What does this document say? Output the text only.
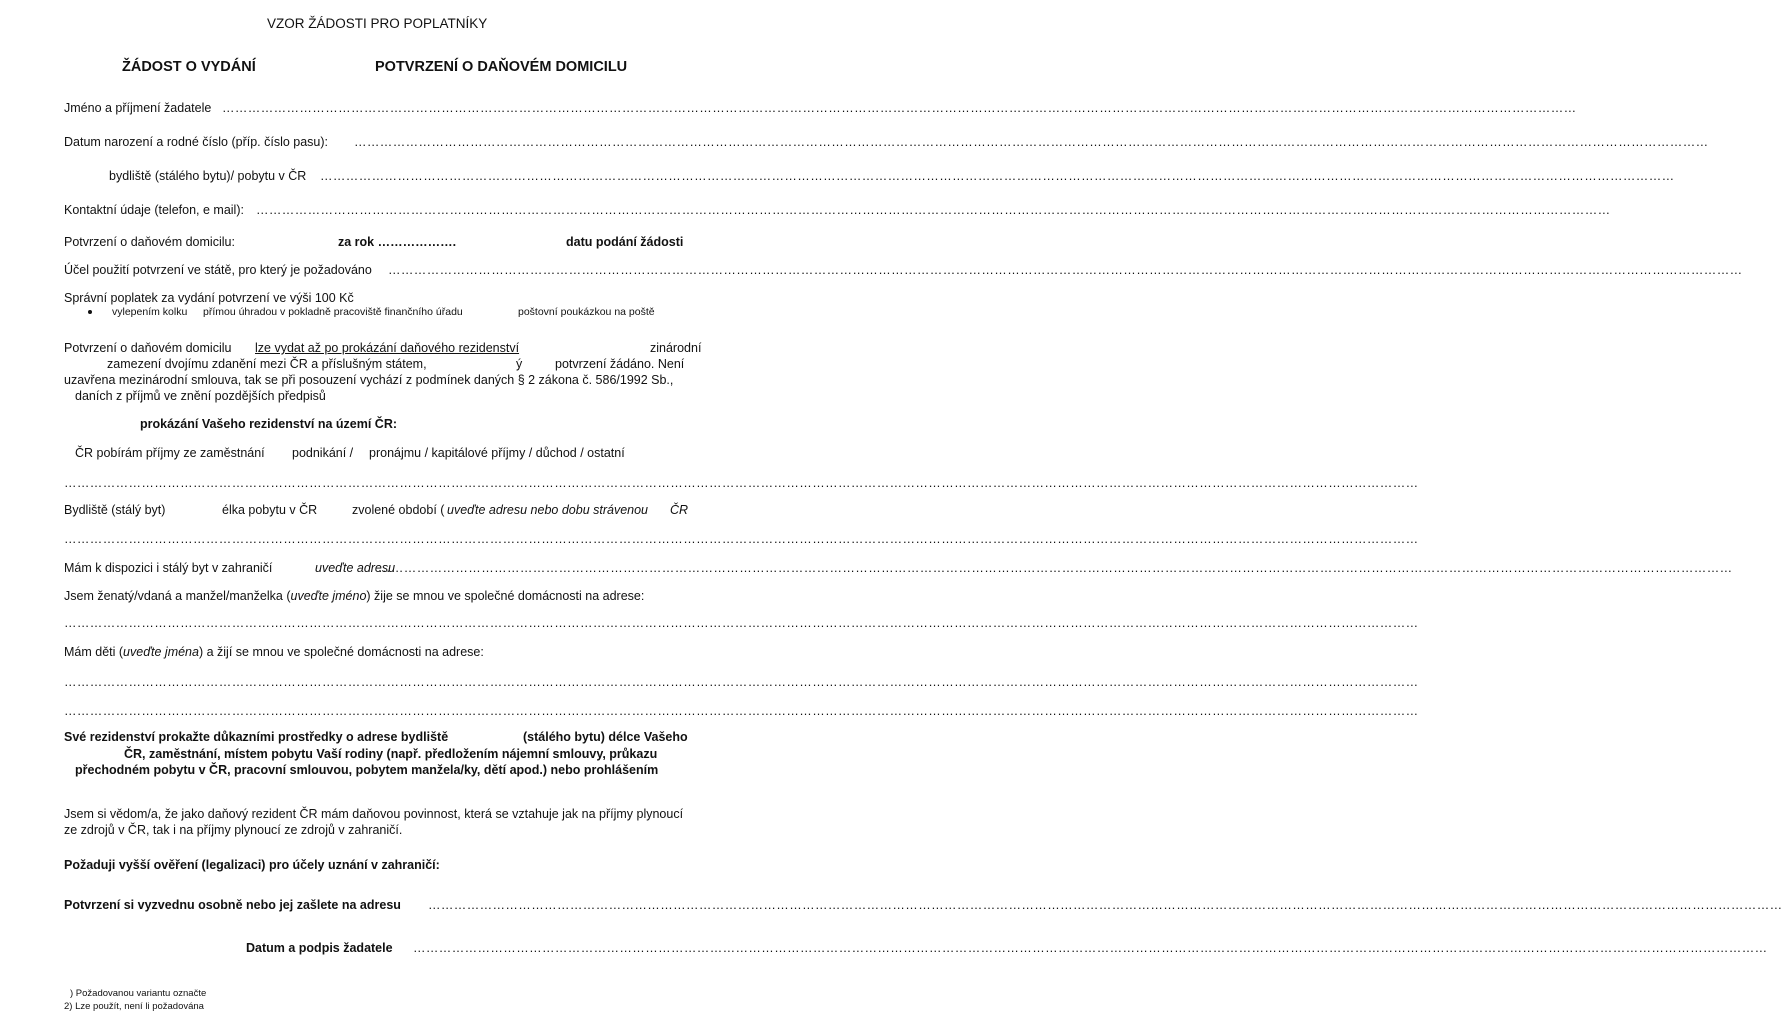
VZOR ŽÁDOSTI PRO POPLATNÍKY
ŽÁDOST O VYDÁNÍ	POTVRZENÍ O DAŇOVÉM DOMICILU
Jméno a příjmení žadatele ………………………………………………………………………………………………………………………………………………………………………………………………………………………………………………………………………………………
Datum narození a rodné číslo (příp. číslo pasu): ………………………………………………………………………………………………………………………………………………………………………………………………………………………………………………………………………………………
bydliště (stálého bytu)/ pobytu v ČR ………………………………………………………………………………………………………………………………………………………………………………………………………………………………………………………………………………………
Kontaktní údaje (telefon, e mail): ………………………………………………………………………………………………………………………………………………………………………………………………………………………………………………………………………………………
Potvrzení o daňovém domicilu:	za rok ……………….	datu podání žádosti
Účel použití potvrzení ve státě, pro který je požadováno ………………………………………………………………………………………………………………………………………………………………………………………………………………………………………………………………………………………
Správní poplatek za vydání potvrzení ve výši 100 Kč
vylepením kolku přímou úhradou v pokladně pracoviště finančního úřadu	poštovní poukázkou na poště
Potvrzení o daňovém domicilu lze vydat až po prokázání daňového rezidenství	zinárodní
zamezení dvojímu zdanění mezi ČR a příslušným státem,	ý	potvrzení žádáno. Není
uzavřena mezinárodní smlouva, tak se při posouzení vychází z podmínek daných § 2 zákona č. 586/1992 Sb.,
daních z příjmů ve znění pozdějších předpisů
prokázání Vašeho rezidenství na území ČR:
ČR pobírám příjmy ze zaměstnání podnikání / pronájmu / kapitálové příjmy / důchod / ostatní
………………………………………………………………………………………………………………………………………………………………………………………………………………………………………………………………………………………
Bydliště (stálý byt)	élka pobytu v ČR	zvolené období ( uveďte adresu nebo dobu strávenou ČR
………………………………………………………………………………………………………………………………………………………………………………………………………………………………………………………………………………………
Mám k dispozici i stálý byt v zahraničí	uveďte adresu
………………………………………………………………………………………………………………………………………………………………………………………………………………………………………………………………………………………
Jsem ženatý/vdaná a manžel/manželka (uveďte jméno) žije se mnou ve společné domácnosti na adrese:
………………………………………………………………………………………………………………………………………………………………………………………………………………………………………………………………………………………
Mám děti (uveďte jména) a žijí se mnou ve společné domácnosti na adrese:
………………………………………………………………………………………………………………………………………………………………………………………………………………………………………………………………………………………
………………………………………………………………………………………………………………………………………………………………………………………………………………………………………………………………………………………
Své rezidenství prokažte důkazními prostředky o adrese bydliště	(stálého bytu) délce Vašeho
ČR, zaměstnání, místem pobytu Vaší rodiny (např. předložením nájemní smlouvy, průkazu
přechodném pobytu v ČR, pracovní smlouvou, pobytem manžela/ky, dětí apod.) nebo prohlášením
Jsem si vědom/a, že jako daňový rezident ČR mám daňovou povinnost, která se vztahuje jak na příjmy plynoucí
ze zdrojů v ČR, tak i na příjmy plynoucí ze zdrojů v zahraničí.
Požaduji vyšší ověření (legalizaci) pro účely uznání v zahraničí:
Potvrzení si vyzvednu osobně nebo jej zašlete na adresu ………………………………………………………………………………………………………………………………………………………………………………………………………………………………………………………………………………………
Datum a podpis žadatele ………………………………………………………………………………………………………………………………………………………………………………………………………………………………………………………………………………………
) Požadovanou variantu označte
2) Lze použít, není li požadována
